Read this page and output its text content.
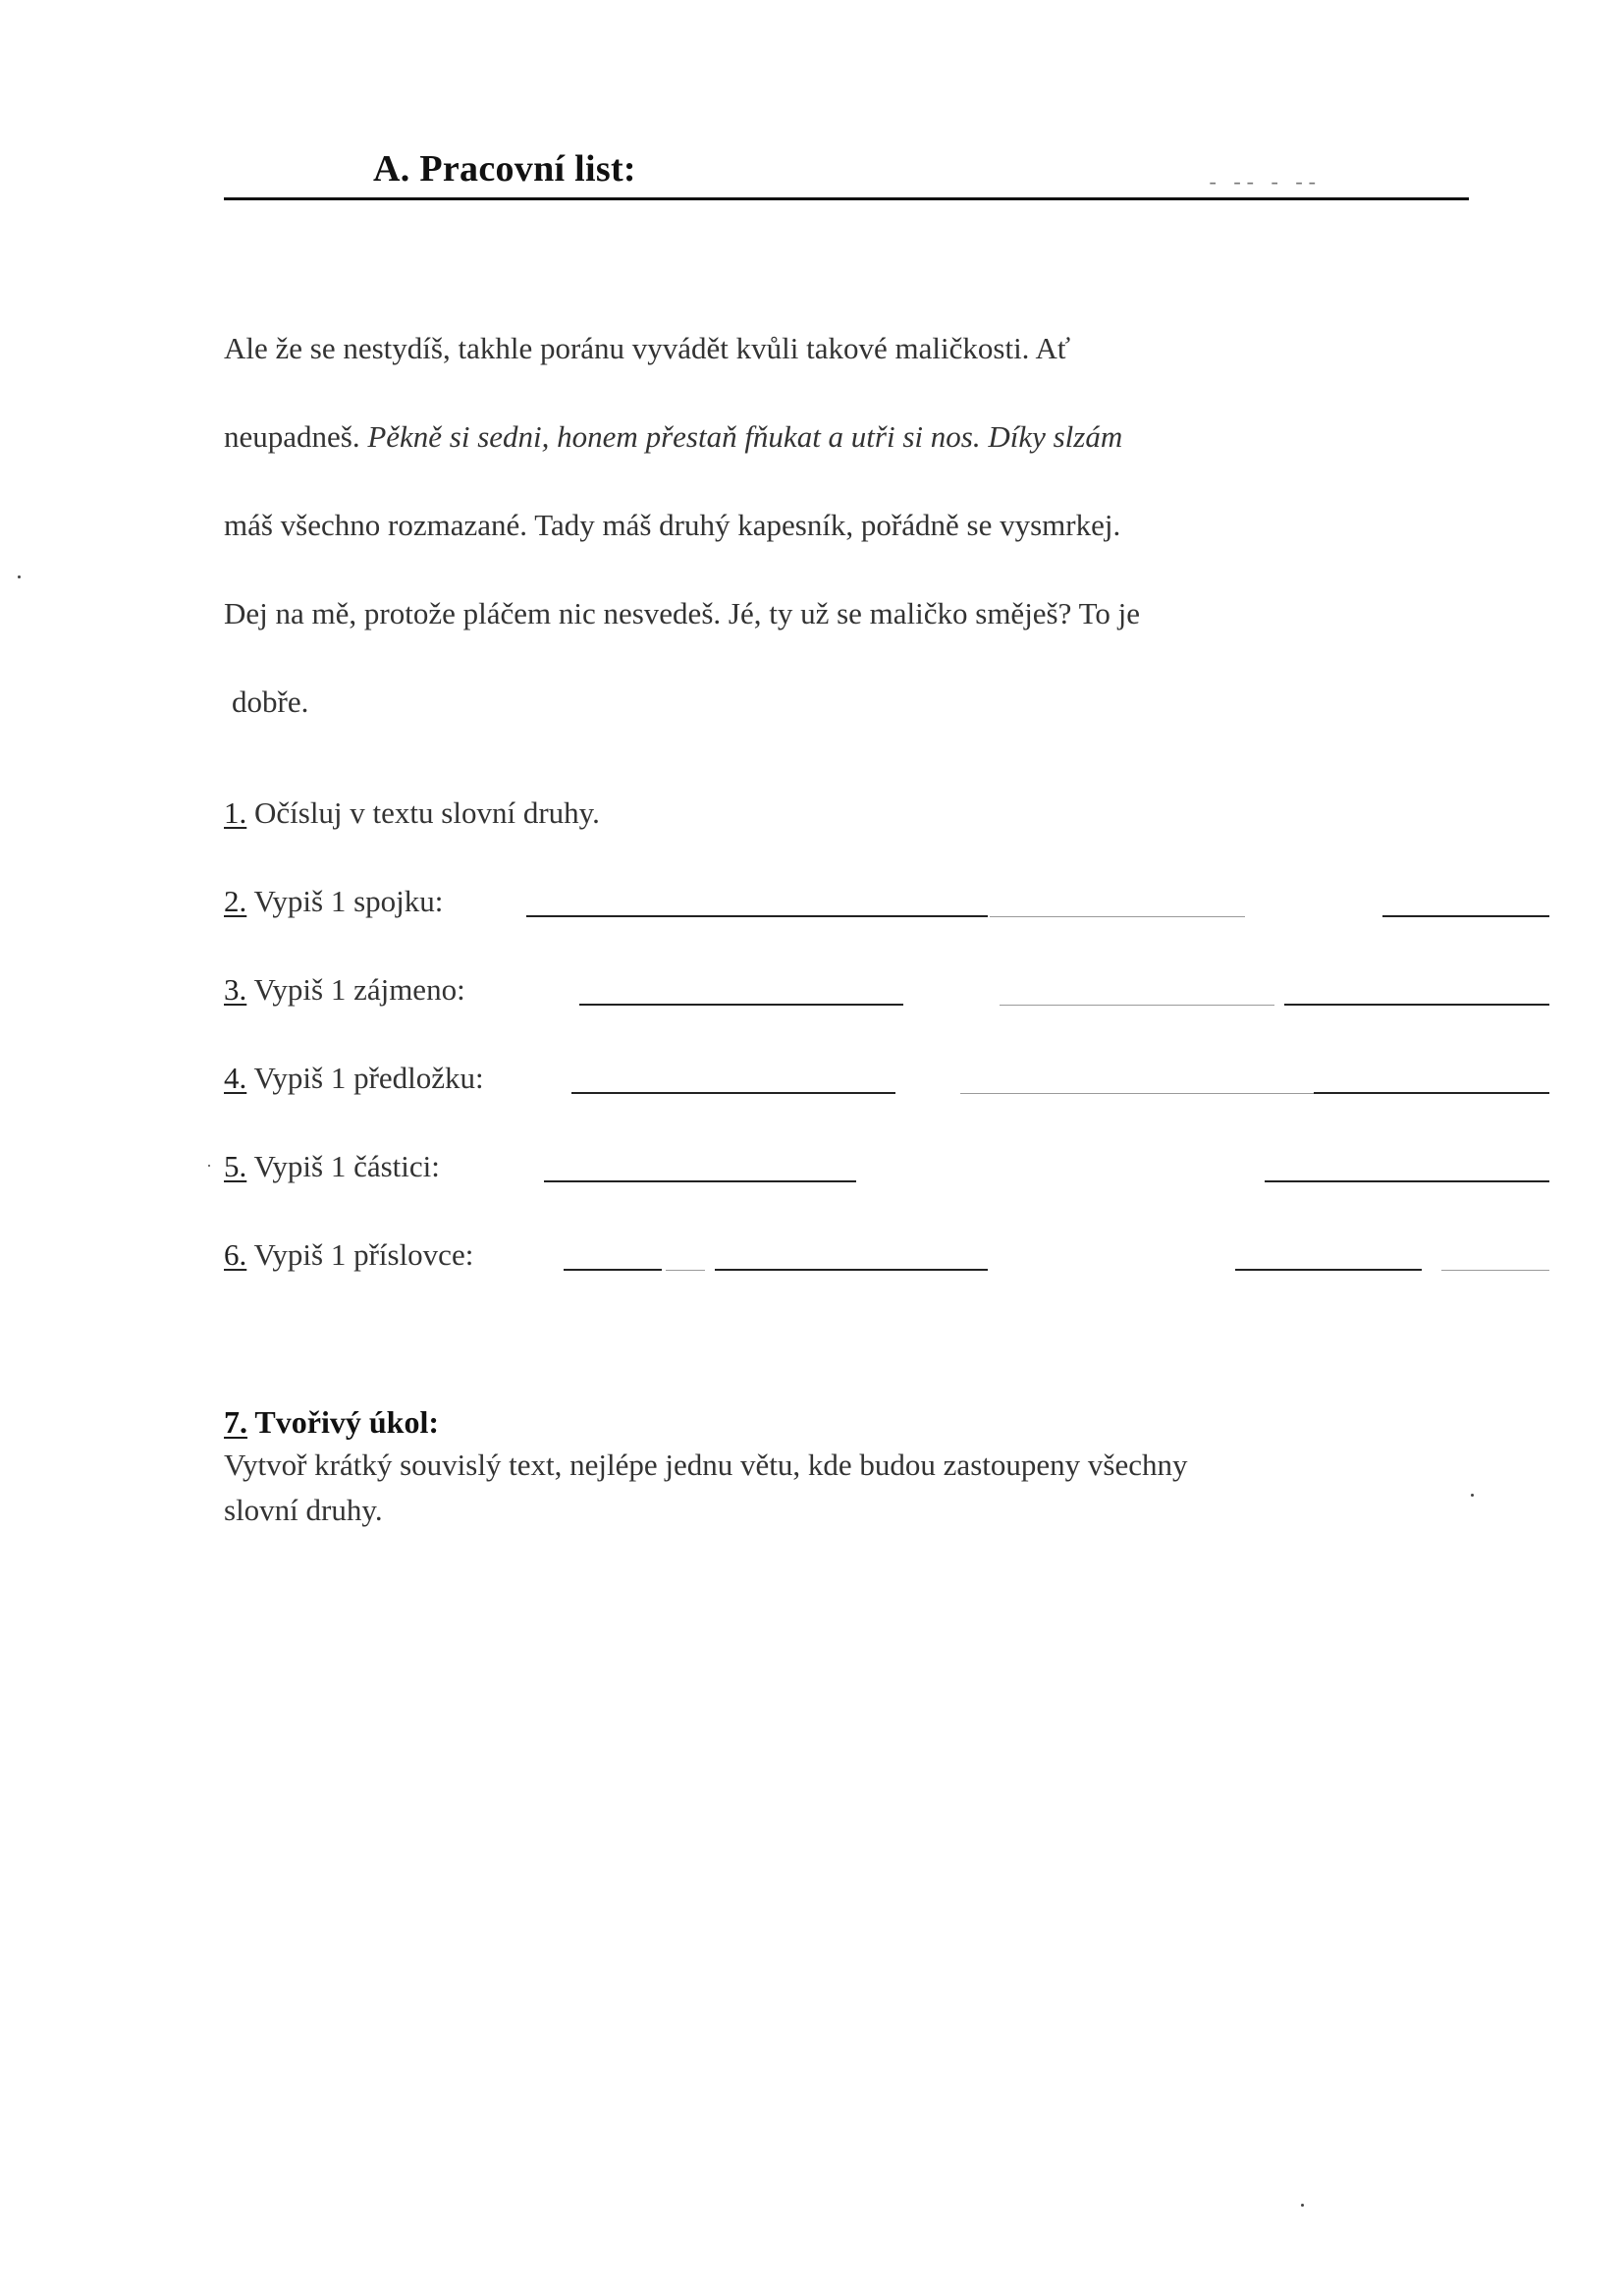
A. Pracovní list:	- -- - --
Ale že se nestydíš, takhle poránu vyvádět kvůli takové maličkosti. Ať
neupadneš. Pěkně si sedni, honem přestaň fňukat a utři si nos. Díky slzám
máš všechno rozmazané. Tady máš druhý kapesník, pořádně se vysmrkej.
Dej na mě, protože pláčem nic nesvedeš. Jé, ty už se maličko směješ? To je
dobře.
1. Očísluj v textu slovní druhy.
2. Vypiš 1 spojku:
3. Vypiš 1 zájmeno:
4. Vypiš 1 předložku:
5. Vypiš 1 částici:
6. Vypiš 1 příslovce:
7. Tvořivý úkol:
Vytvoř krátký souvislý text, nejlépe jednu větu, kde budou zastoupeny všechny
slovní druhy.
